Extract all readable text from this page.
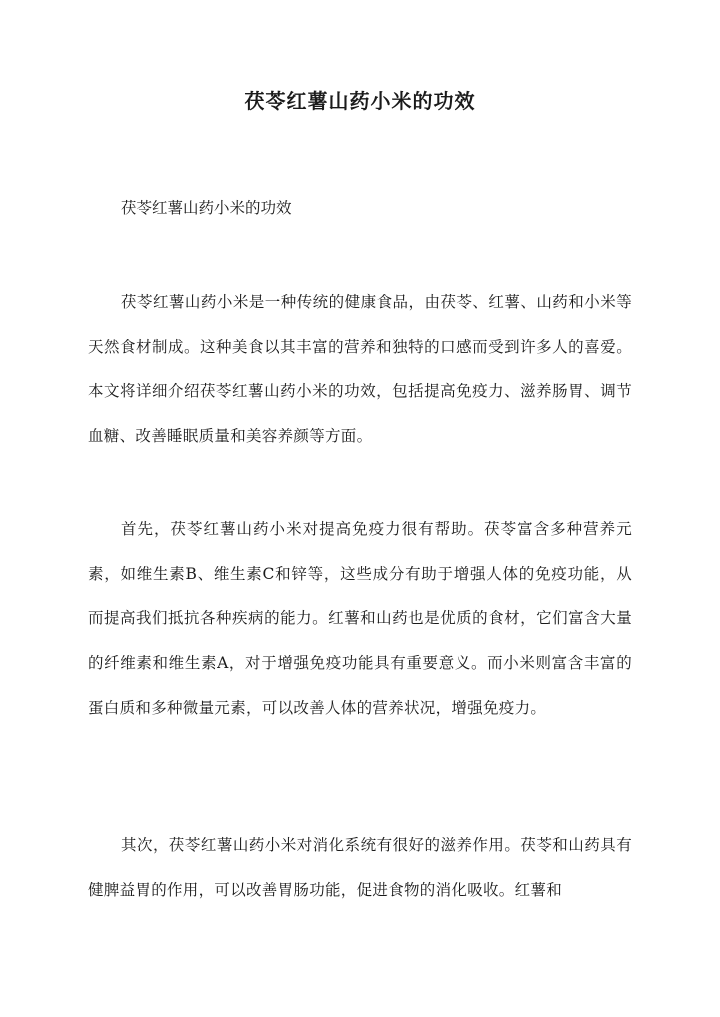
茯苓红薯山药小米的功效

茯苓红薯山药小米的功效

茯苓红薯山药小米是一种传统的健康食品，由茯苓、红薯、山药和小米等天然食材制成。这种美食以其丰富的营养和独特的口感而受到许多人的喜爱。本文将详细介绍茯苓红薯山药小米的功效，包括提高免疫力、滋养肠胃、调节血糖、改善睡眠质量和美容养颜等方面。

首先，茯苓红薯山药小米对提高免疫力很有帮助。茯苓富含多种营养元素，如维生素B、维生素C和锌等，这些成分有助于增强人体的免疫功能，从而提高我们抵抗各种疾病的能力。红薯和山药也是优质的食材，它们富含大量的纤维素和维生素A，对于增强免疫功能具有重要意义。而小米则富含丰富的蛋白质和多种微量元素，可以改善人体的营养状况，增强免疫力。

其次，茯苓红薯山药小米对消化系统有很好的滋养作用。茯苓和山药具有健脾益胃的作用，可以改善胃肠功能，促进食物的消化吸收。红薯和
